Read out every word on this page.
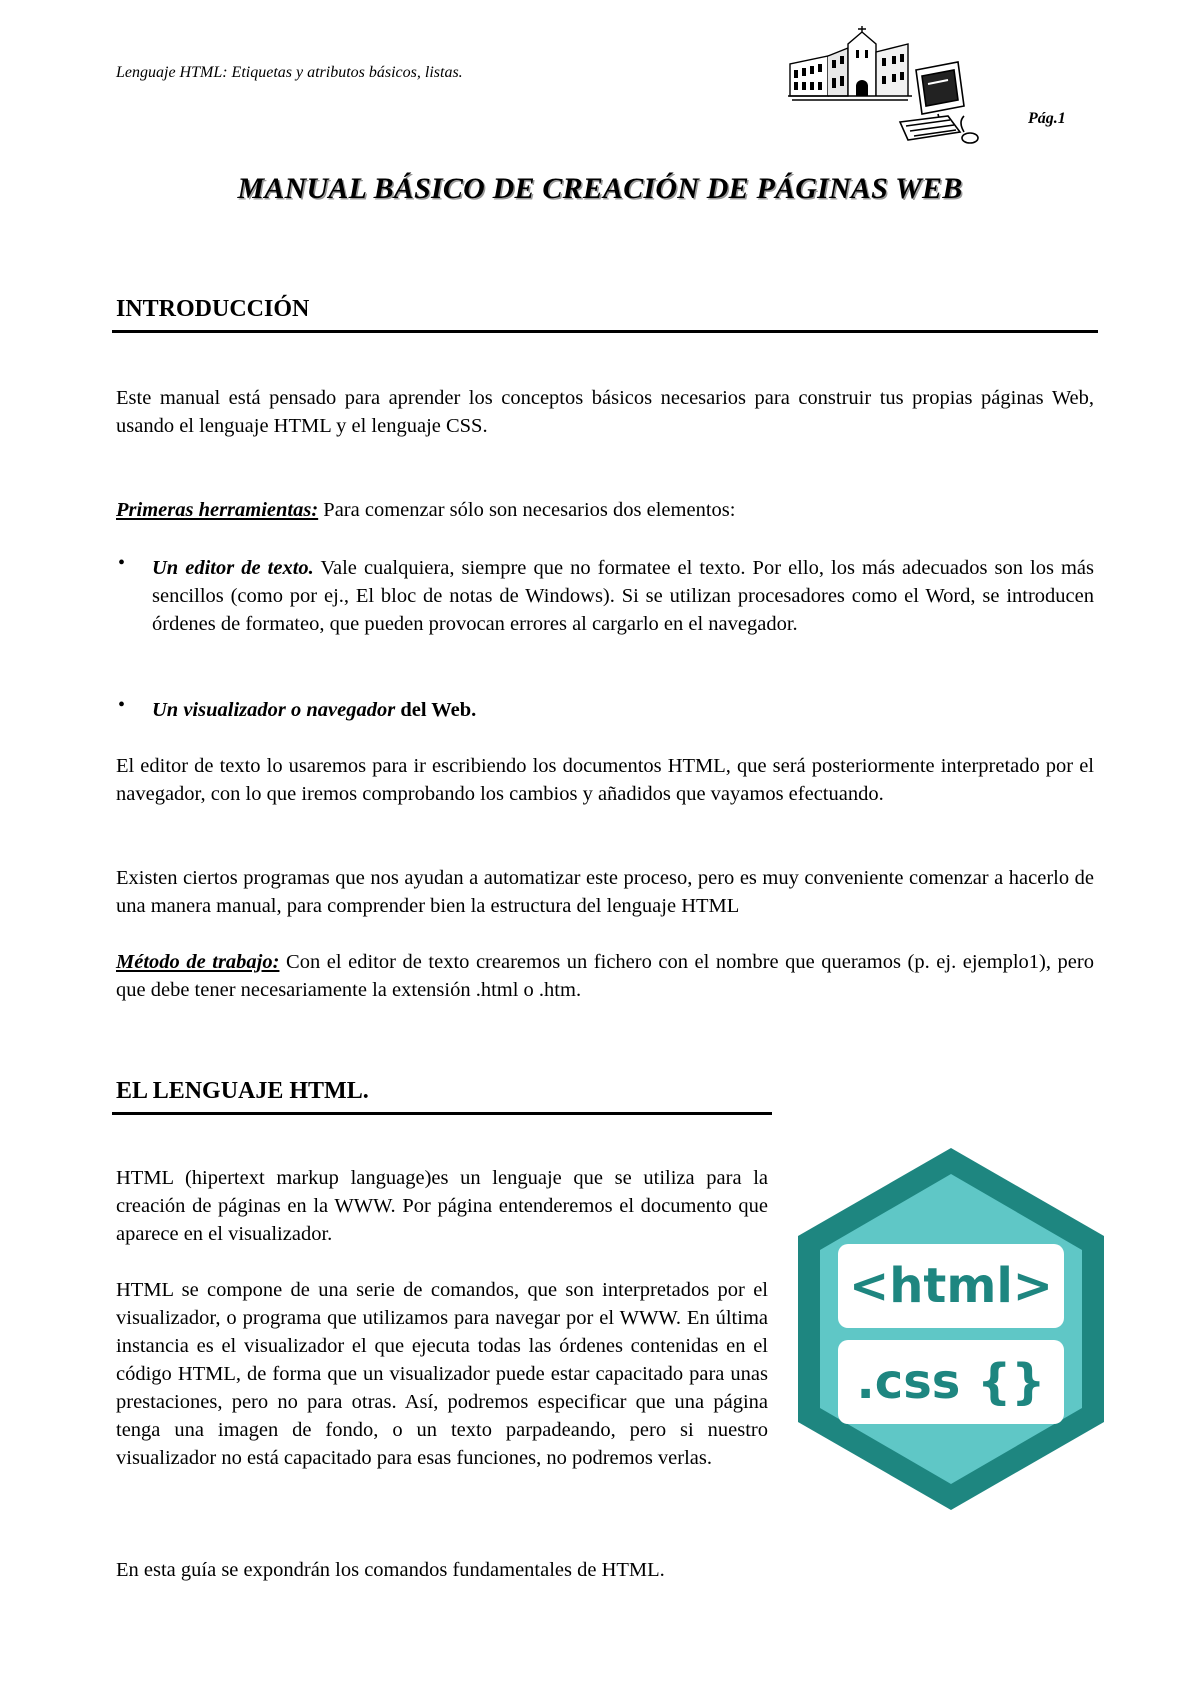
Lenguaje HTML: Etiquetas y atributos básicos, listas.
Pág.1
MANUAL BÁSICO DE CREACIÓN DE PÁGINAS WEB
INTRODUCCIÓN
Este manual está pensado para aprender los conceptos básicos necesarios para construir tus propias páginas Web, usando el lenguaje HTML y el lenguaje CSS.
Primeras herramientas: Para comenzar sólo son necesarios dos elementos:
• Un editor de texto. Vale cualquiera, siempre que no formatee el texto. Por ello, los más adecuados son los más sencillos (como por ej., El bloc de notas de Windows). Si se utilizan procesadores como el Word, se introducen órdenes de formateo, que pueden provocan errores al cargarlo en el navegador.
• Un visualizador o navegador del Web.
El editor de texto lo usaremos para ir escribiendo los documentos HTML, que será posteriormente interpretado por el navegador, con lo que iremos comprobando los cambios y añadidos que vayamos efectuando.
Existen ciertos programas que nos ayudan a automatizar este proceso, pero es muy conveniente comenzar a hacerlo de una manera manual, para comprender bien la estructura del lenguaje HTML
Método de trabajo: Con el editor de texto crearemos un fichero con el nombre que queramos (p. ej. ejemplo1), pero que debe tener necesariamente la extensión .html o .htm.
EL LENGUAJE HTML.
HTML (hipertext markup language)es un lenguaje que se utiliza para la creación de páginas en la WWW. Por página entenderemos el documento que aparece en el visualizador.
HTML se compone de una serie de comandos, que son interpretados por el visualizador, o programa que utilizamos para navegar por el WWW. En última instancia es el visualizador el que ejecuta todas las órdenes contenidas en el código HTML, de forma que un visualizador puede estar capacitado para unas prestaciones, pero no para otras. Así, podremos especificar que una página tenga una imagen de fondo, o un texto parpadeando, pero si nuestro visualizador no está capacitado para esas funciones, no podremos verlas.
En esta guía se expondrán los comandos fundamentales de HTML.
<html>
.css {}
